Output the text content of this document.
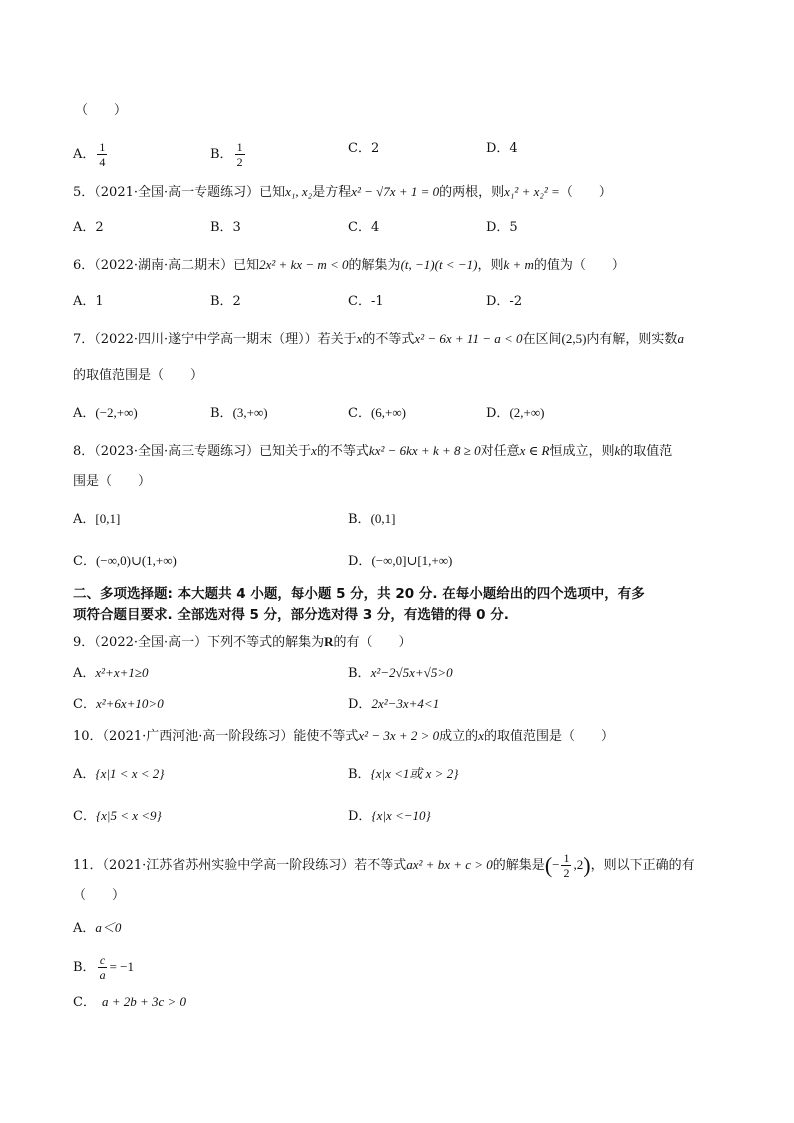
（　　）
A． $\frac{1}{4}$	B． $\frac{1}{2}$	C．2	D．4
5．（2021·全国·高一专题练习）已知x₁, x₂是方程x² − √7x + 1 = 0的两根，则x₁² + x₂² =（　　）
A．2	B．3	C．4	D．5
6．（2022·湖南·高二期末）已知2x² + kx − m < 0的解集为(t, −1)(t < −1)，则k + m的值为（　　）
A．1	B．2	C．-1	D．-2
7．（2022·四川·遂宁中学高一期末（理））若关于x的不等式x² − 6x + 11 − a < 0在区间(2,5)内有解，则实数a
的取值范围是（　　）
A．(−2,+∞)	B．(3,+∞)	C．(6,+∞)	D．(2,+∞)
8．（2023·全国·高三专题练习）已知关于x的不等式kx² − 6kx + k + 8 ≥ 0对任意x ∈ R恒成立，则k的取值范
围是（　　）
A．[0,1]	B．(0,1]
C．(−∞,0)∪(1,+∞)	D．(−∞,0]∪[1,+∞)
二、多项选择题: 本大题共 4 小题，每小题 5 分，共 20 分. 在每小题给出的四个选项中，有多
项符合题目要求. 全部选对得 5 分，部分选对得 3 分，有选错的得 0 分.
9．（2022·全国·高一）下列不等式的解集为R的有（　　）
A．x²+x+1≥0	B．x²−2√5x+√5>0
C．x²+6x+10>0	D．2x²−3x+4<1
10．（2021·广西河池·高一阶段练习）能使不等式x² − 3x + 2 > 0成立的x的取值范围是（　　）
A．{x|1 < x < 2}	B．{x|x <1或 x > 2}
C．{x|5 < x <9}	D．{x|x <−10}
11．（2021·江苏省苏州实验中学高一阶段练习）若不等式ax² + bx + c > 0的解集是(− $\frac{1}{2} ,2$)，则以下正确的有
（　　）
A．a＜0
B． $\frac{c}{a} = -1$
C． a + 2b + 3c > 0
